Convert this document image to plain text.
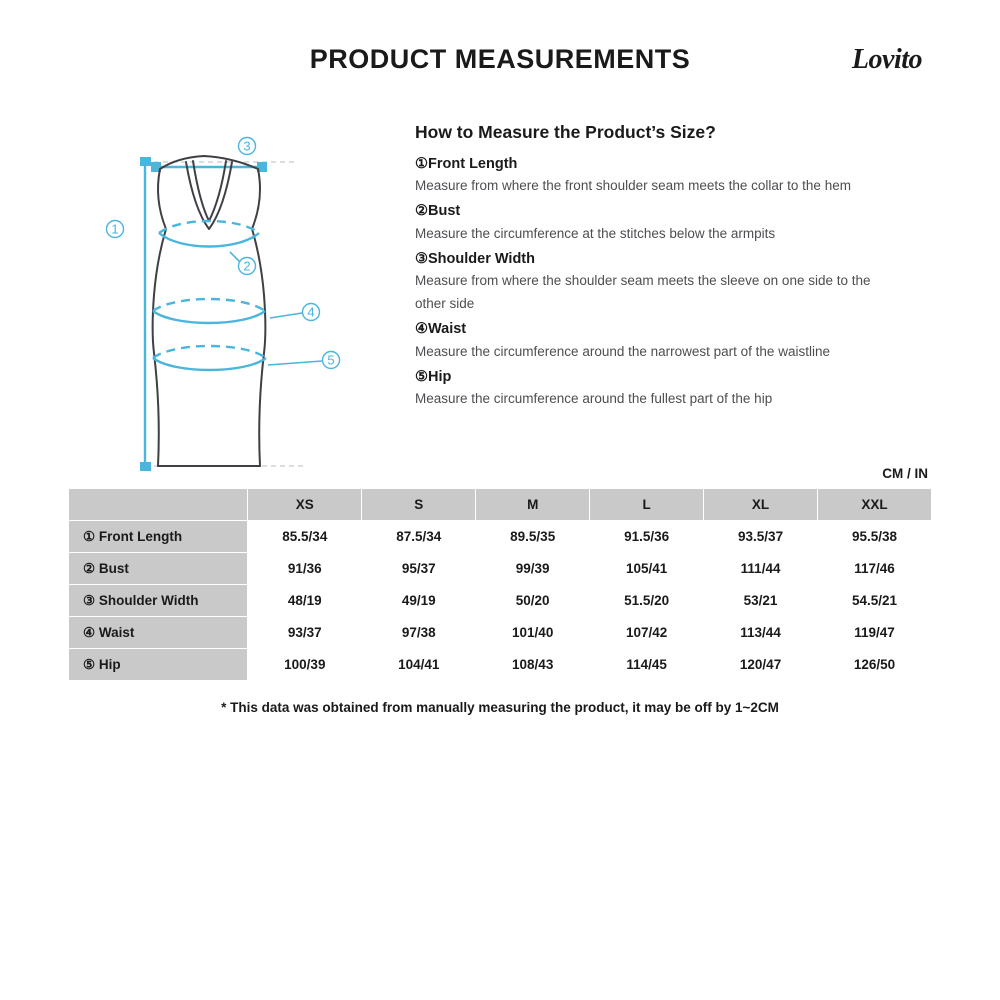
PRODUCT MEASUREMENTS	Lovito
3
1
2
4
5
How to Measure the Product’s Size?
①Front Length

Measure from where the front shoulder seam meets the collar to the hem

②Bust

Measure the circumference at the stitches below the armpits

③Shoulder Width

Measure from where the shoulder seam meets the sleeve on one side to the other side

④Waist

Measure the circumference around the narrowest part of the waistline

⑤Hip

Measure the circumference around the fullest part of the hip

CM / IN
	XS	S	M	L	XL	XXL
① Front Length	85.5/34	87.5/34	89.5/35	91.5/36	93.5/37	95.5/38
② Bust	91/36	95/37	99/39	105/41	111/44	117/46
③ Shoulder Width	48/19	49/19	50/20	51.5/20	53/21	54.5/21
④ Waist	93/37	97/38	101/40	107/42	113/44	119/47
⑤ Hip	100/39	104/41	108/43	114/45	120/47	126/50
* This data was obtained from manually measuring the product, it may be off by 1~2CM
